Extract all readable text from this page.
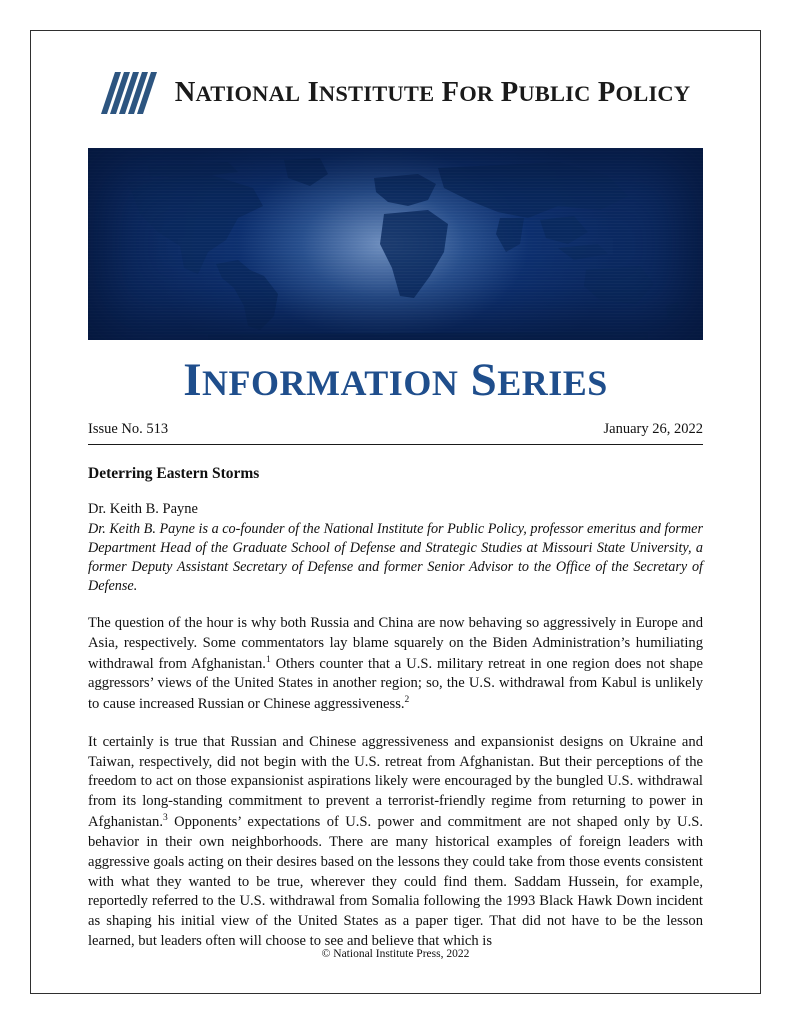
NATIONAL INSTITUTE FOR PUBLIC POLICY
INFORMATION SERIES
Issue No. 513	January 26, 2022
Deterring Eastern Storms
Dr. Keith B. Payne
Dr. Keith B. Payne is a co-founder of the National Institute for Public Policy, professor emeritus and former Department Head of the Graduate School of Defense and Strategic Studies at Missouri State University, a former Deputy Assistant Secretary of Defense and former Senior Advisor to the Office of the Secretary of Defense.
The question of the hour is why both Russia and China are now behaving so aggressively in Europe and Asia, respectively. Some commentators lay blame squarely on the Biden Administration’s humiliating withdrawal from Afghanistan.$^1$ Others counter that a U.S. military retreat in one region does not shape aggressors’ views of the United States in another region; so, the U.S. withdrawal from Kabul is unlikely to cause increased Russian or Chinese aggressiveness.$^2$
It certainly is true that Russian and Chinese aggressiveness and expansionist designs on Ukraine and Taiwan, respectively, did not begin with the U.S. retreat from Afghanistan. But their perceptions of the freedom to act on those expansionist aspirations likely were encouraged by the bungled U.S. withdrawal from its long-standing commitment to prevent a terrorist-friendly regime from returning to power in Afghanistan.$^3$ Opponents’ expectations of U.S. power and commitment are not shaped only by U.S. behavior in their own neighborhoods. There are many historical examples of foreign leaders with aggressive goals acting on their desires based on the lessons they could take from those events consistent with what they wanted to be true, wherever they could find them. Saddam Hussein, for example, reportedly referred to the U.S. withdrawal from Somalia following the 1993 Black Hawk Down incident as shaping his initial view of the United States as a paper tiger. That did not have to be the lesson learned, but leaders often will choose to see and believe that which is
© National Institute Press, 2022
